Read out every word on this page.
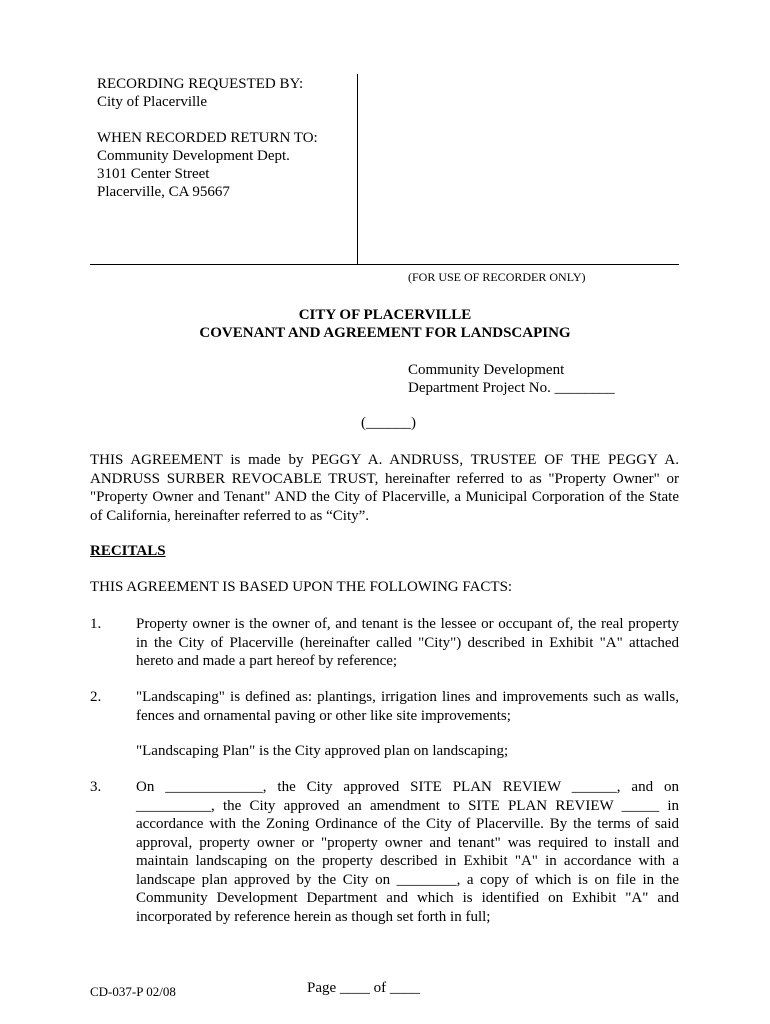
RECORDING REQUESTED BY:
City of Placerville
WHEN RECORDED RETURN TO:
Community Development Dept.
3101 Center Street
Placerville, CA 95667
(FOR USE OF RECORDER ONLY)
CITY OF PLACERVILLE
COVENANT AND AGREEMENT FOR LANDSCAPING
Community Development
Department Project No. ________
(______)
THIS AGREEMENT is made by PEGGY A. ANDRUSS, TRUSTEE OF THE PEGGY A.
ANDRUSS SURBER REVOCABLE TRUST, hereinafter referred to as "Property Owner" or
"Property Owner and Tenant" AND the City of Placerville, a Municipal Corporation of the State
of California, hereinafter referred to as “City”.
RECITALS
THIS AGREEMENT IS BASED UPON THE FOLLOWING FACTS:
1. Property owner is the owner of, and tenant is the lessee or occupant of, the real property
in the City of Placerville (hereinafter called "City") described in Exhibit "A" attached
hereto and made a part hereof by reference;
2. "Landscaping" is defined as: plantings, irrigation lines and improvements such as walls,
fences and ornamental paving or other like site improvements;
"Landscaping Plan" is the City approved plan on landscaping;
3. On _____________, the City approved SITE PLAN REVIEW ______, and on
__________, the City approved an amendment to SITE PLAN REVIEW _____ in
accordance with the Zoning Ordinance of the City of Placerville. By the terms of said
approval, property owner or "property owner and tenant" was required to install and
maintain landscaping on the property described in Exhibit "A" in accordance with a
landscape plan approved by the City on ________, a copy of which is on file in the
Community Development Department and which is identified on Exhibit "A" and
incorporated by reference herein as though set forth in full;
CD-037-P 02/08	Page ____ of ____
